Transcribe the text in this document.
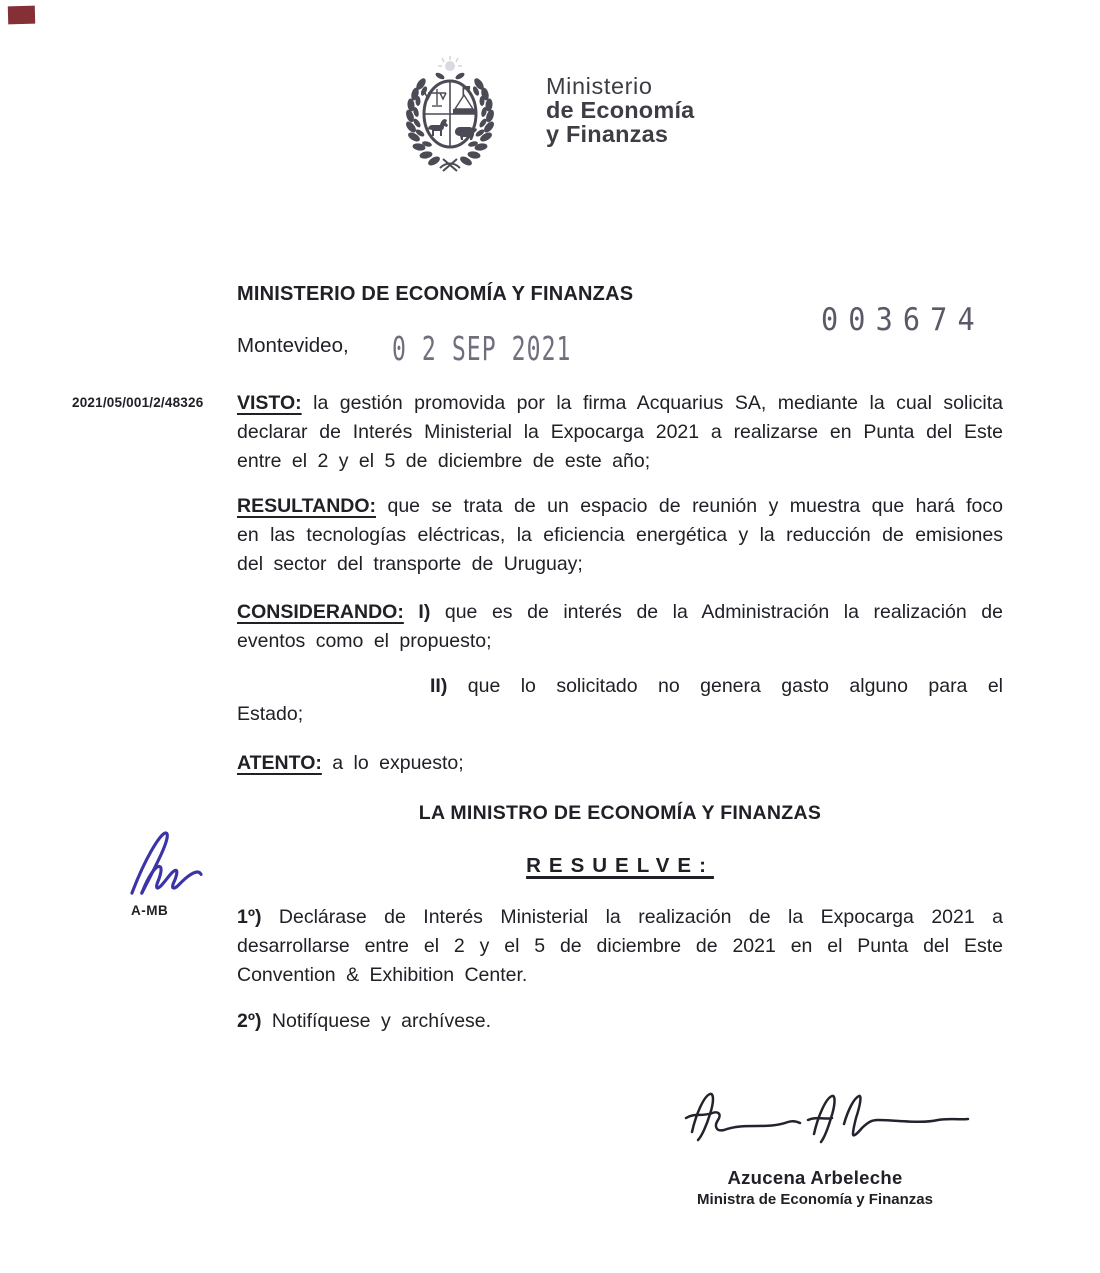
Ministerio
de Economía
y Finanzas
MINISTERIO DE ECONOMÍA Y FINANZAS
003674
Montevideo, 0 2 SEP 2021
2021/05/001/2/48326 VISTO: la gestión promovida por la firma Acquarius SA, mediante la cual solicita declarar de Interés Ministerial la Expocarga 2021 a realizarse en Punta del Este entre el 2 y el 5 de diciembre de este año;

RESULTANDO: que se trata de un espacio de reunión y muestra que hará foco en las tecnologías eléctricas, la eficiencia energética y la reducción de emisiones del sector del transporte de Uruguay;

CONSIDERANDO: I) que es de interés de la Administración la realización de eventos como el propuesto;

II) que lo solicitado no genera gasto alguno para el
Estado;

ATENTO: a lo expuesto;

LA MINISTRO DE ECONOMÍA Y FINANZAS
RESUELVE:

1º) Declárase de Interés Ministerial la realización de la Expocarga 2021 a desarrollarse entre el 2 y el 5 de diciembre de 2021 en el Punta del Este Convention & Exhibition Center.

2º) Notifíquese y archívese.

A-MB
Azucena Arbeleche
Ministra de Economía y Finanzas
